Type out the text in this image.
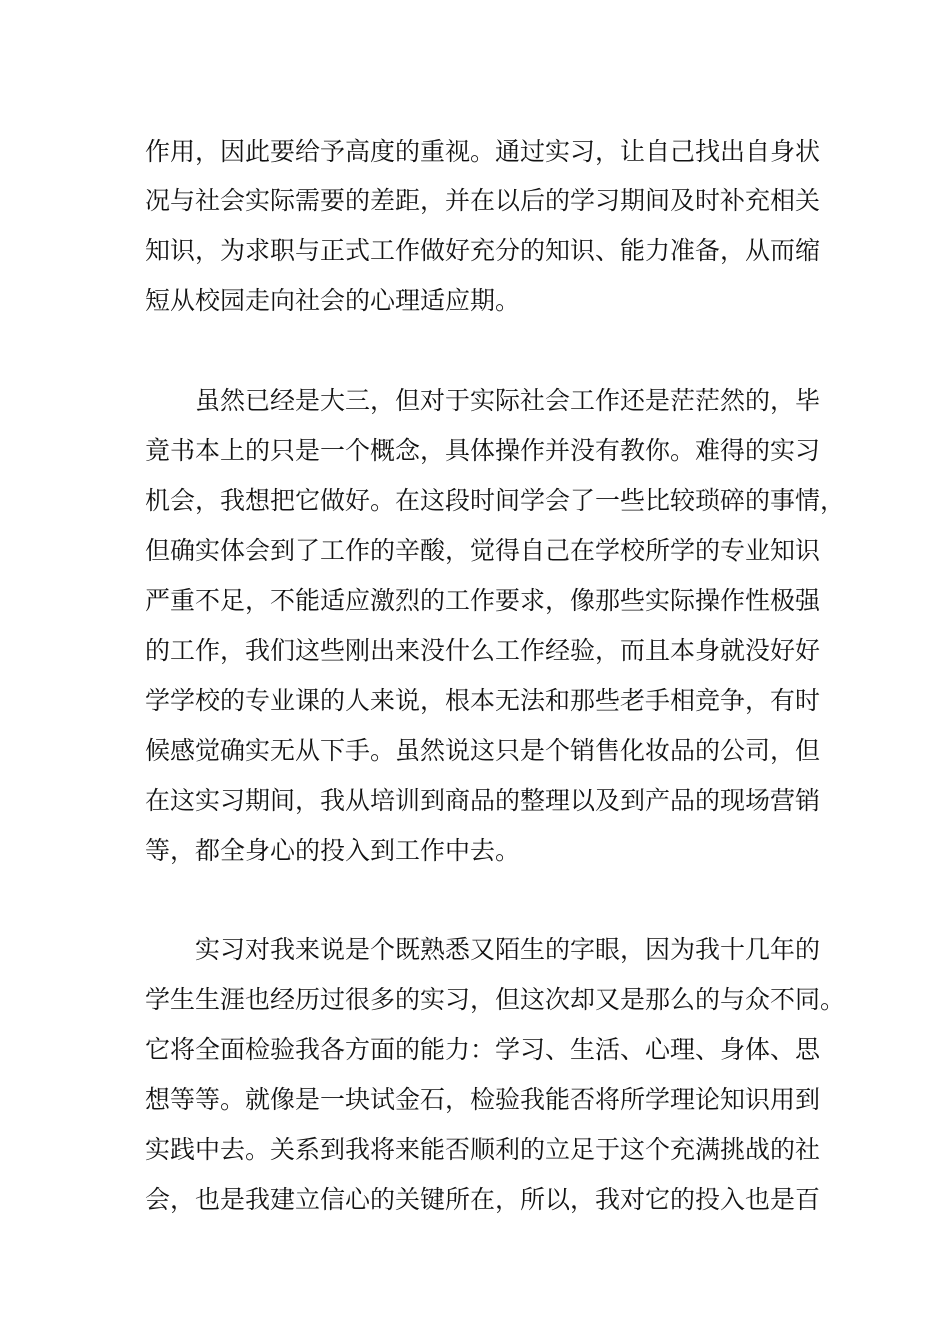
作用，因此要给予高度的重视。通过实习，让自己找出自身状

况与社会实际需要的差距，并在以后的学习期间及时补充相关

知识，为求职与正式工作做好充分的知识、能力准备，从而缩

短从校园走向社会的心理适应期。

虽然已经是大三，但对于实际社会工作还是茫茫然的，毕

竟书本上的只是一个概念，具体操作并没有教你。难得的实习

机会，我想把它做好。在这段时间学会了一些比较琐碎的事情，

但确实体会到了工作的辛酸，觉得自己在学校所学的专业知识

严重不足，不能适应激烈的工作要求，像那些实际操作性极强

的工作，我们这些刚出来没什么工作经验，而且本身就没好好

学学校的专业课的人来说，根本无法和那些老手相竞争，有时

候感觉确实无从下手。虽然说这只是个销售化妆品的公司，但

在这实习期间，我从培训到商品的整理以及到产品的现场营销

等，都全身心的投入到工作中去。

实习对我来说是个既熟悉又陌生的字眼，因为我十几年的

学生生涯也经历过很多的实习，但这次却又是那么的与众不同。

它将全面检验我各方面的能力：学习、生活、心理、身体、思

想等等。就像是一块试金石，检验我能否将所学理论知识用到

实践中去。关系到我将来能否顺利的立足于这个充满挑战的社

会，也是我建立信心的关键所在，所以，我对它的投入也是百
